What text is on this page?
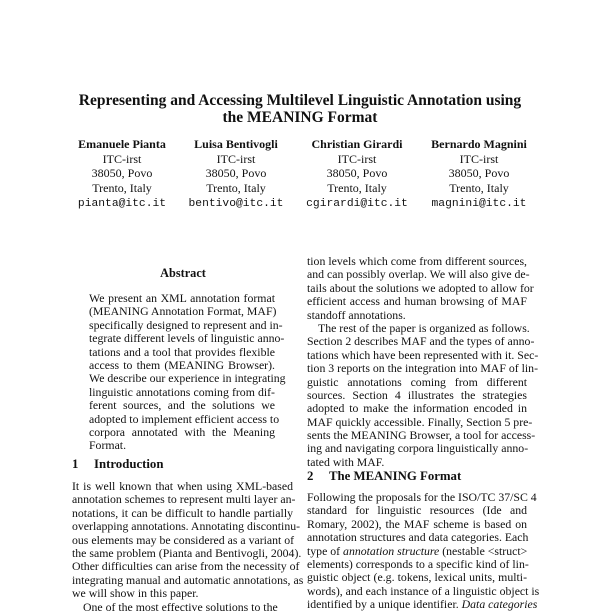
Representing and Accessing Multilevel Linguistic Annotation using
the MEANING Format
Emanuele Pianta
ITC-irst
38050, Povo
Trento, Italy
pianta@itc.it
Luisa Bentivogli
ITC-irst
38050, Povo
Trento, Italy
bentivo@itc.it
Christian Girardi
ITC-irst
38050, Povo
Trento, Italy
cgirardi@itc.it
Bernardo Magnini
ITC-irst
38050, Povo
Trento, Italy
magnini@itc.it
Abstract
We present an XML annotation format
(MEANING Annotation Format, MAF)
specifically designed to represent and in-
tegrate different levels of linguistic anno-
tations and a tool that provides flexible
access to them (MEANING Browser).
We describe our experience in integrating
linguistic annotations coming from dif-
ferent sources, and the solutions we
adopted to implement efficient access to
corpora annotated with the Meaning
Format.
1 Introduction
It is well known that when using XML-based
annotation schemes to represent multi layer an-
notations, it can be difficult to handle partially
overlapping annotations. Annotating discontinu-
ous elements may be considered as a variant of
the same problem (Pianta and Bentivogli, 2004).
Other difficulties can arise from the necessity of
integrating manual and automatic annotations, as
we will show in this paper.
One of the most effective solutions to the
tion levels which come from different sources,
and can possibly overlap. We will also give de-
tails about the solutions we adopted to allow for
efficient access and human browsing of MAF
standoff annotations.
The rest of the paper is organized as follows.
Section 2 describes MAF and the types of anno-
tations which have been represented with it. Sec-
tion 3 reports on the integration into MAF of lin-
guistic annotations coming from different
sources. Section 4 illustrates the strategies
adopted to make the information encoded in
MAF quickly accessible. Finally, Section 5 pre-
sents the MEANING Browser, a tool for access-
ing and navigating corpora linguistically anno-
tated with MAF.
2 The MEANING Format
Following the proposals for the ISO/TC 37/SC 4
standard for linguistic resources (Ide and
Romary, 2002), the MAF scheme is based on
annotation structures and data categories. Each
type of annotation structure (nestable <struct>
elements) corresponds to a specific kind of lin-
guistic object (e.g. tokens, lexical units, multi-
words), and each instance of a linguistic object is
identified by a unique identifier. Data categories
